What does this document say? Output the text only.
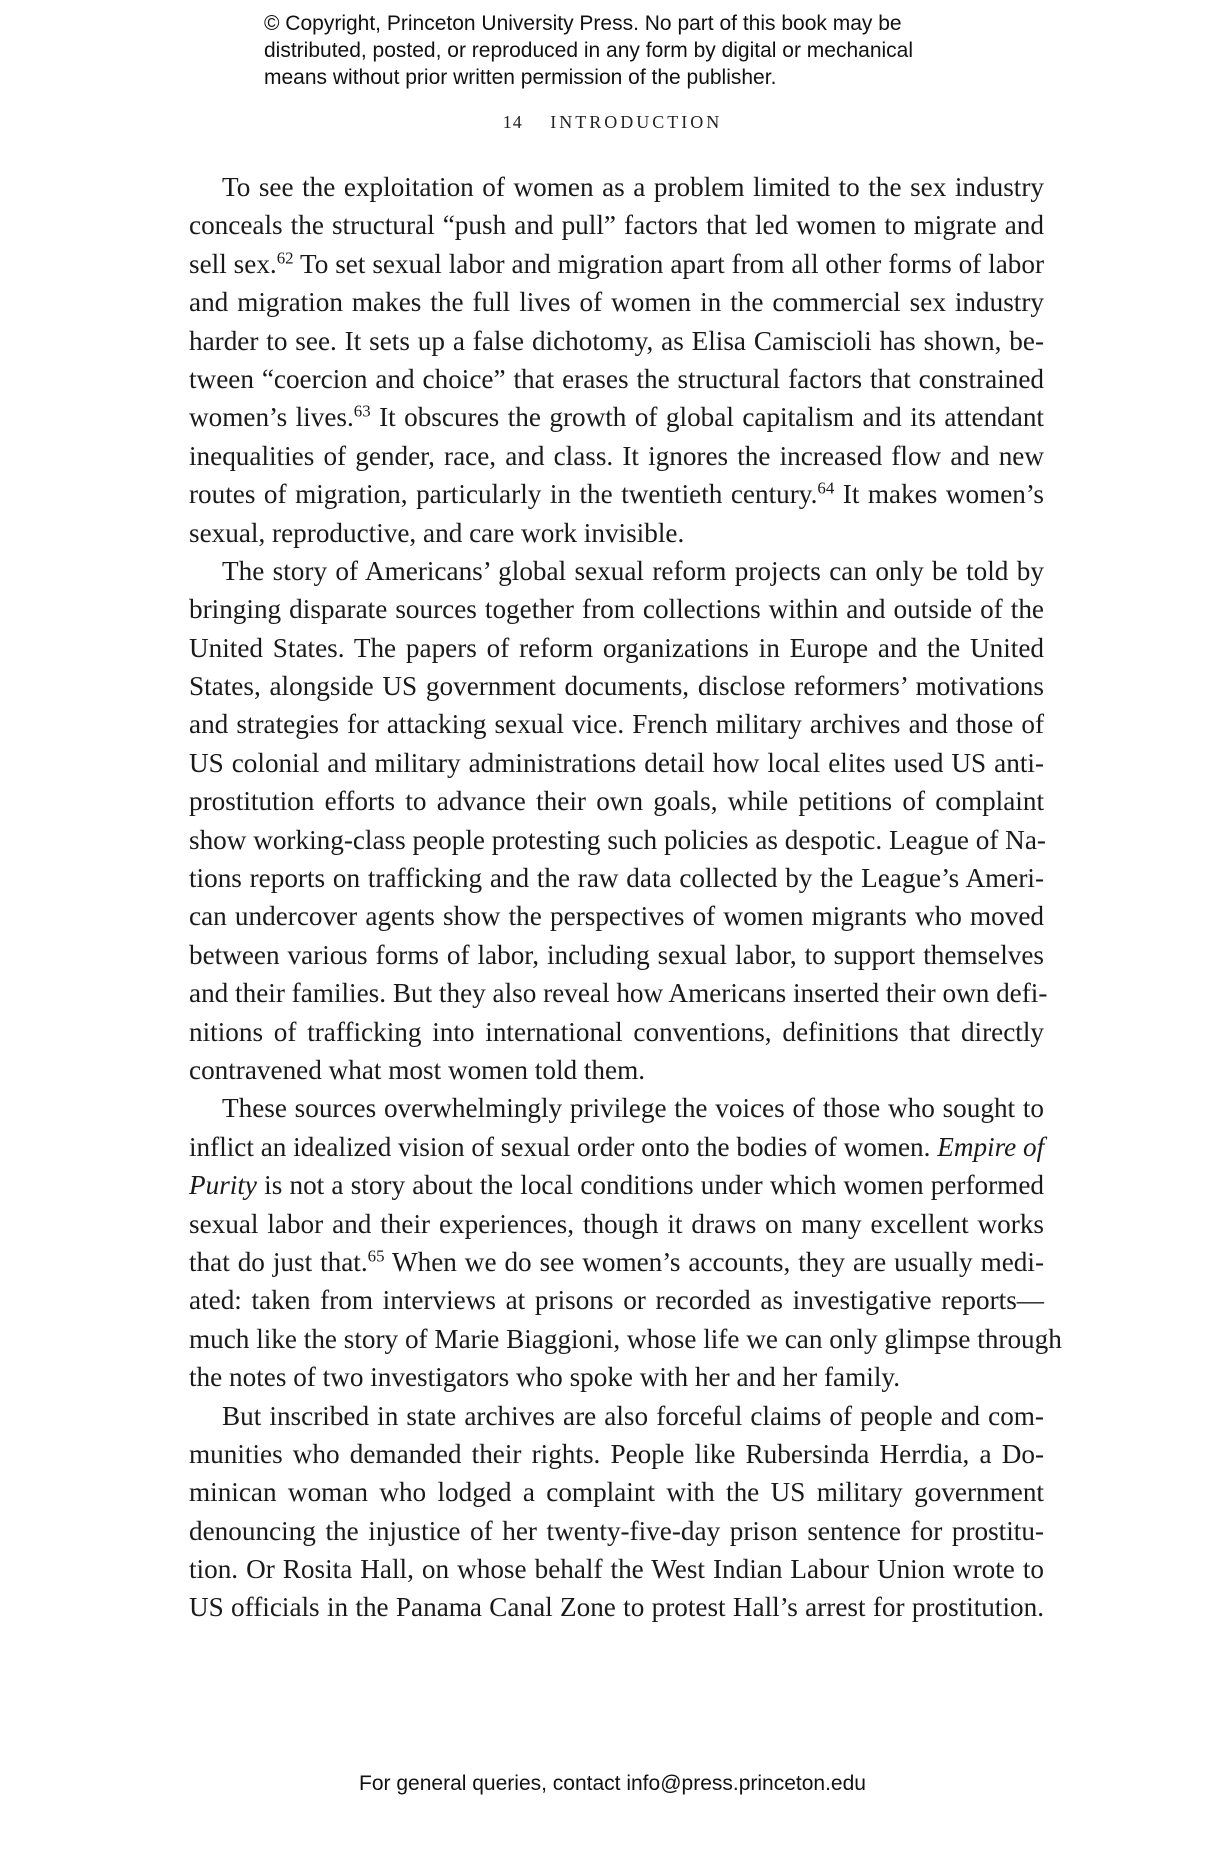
© Copyright, Princeton University Press. No part of this book may be
distributed, posted, or reproduced in any form by digital or mechanical
means without prior written permission of the publisher.
14 INTRODUCTION
To see the exploitation of women as a problem limited to the sex industry
conceals the structural “push and pull” factors that led women to migrate and
sell sex.$^{62}$ To set sexual labor and migration apart from all other forms of labor
and migration makes the full lives of women in the commercial sex industry
harder to see. It sets up a false dichotomy, as Elisa Camiscioli has shown, be-
tween “coercion and choice” that erases the structural factors that constrained
women’s lives.$^{63}$ It obscures the growth of global capitalism and its attendant
inequalities of gender, race, and class. It ignores the increased flow and new
routes of migration, particularly in the twentieth century.$^{64}$ It makes women’s
sexual, reproductive, and care work invisible.
The story of Americans’ global sexual reform projects can only be told by
bringing disparate sources together from collections within and outside of the
United States. The papers of reform organizations in Europe and the United
States, alongside US government documents, disclose reformers’ motivations
and strategies for attacking sexual vice. French military archives and those of
US colonial and military administrations detail how local elites used US anti-
prostitution efforts to advance their own goals, while petitions of complaint
show working-class people protesting such policies as despotic. League of Na-
tions reports on trafficking and the raw data collected by the League’s Ameri-
can undercover agents show the perspectives of women migrants who moved
between various forms of labor, including sexual labor, to support themselves
and their families. But they also reveal how Americans inserted their own defi-
nitions of trafficking into international conventions, definitions that directly
contravened what most women told them.
These sources overwhelmingly privilege the voices of those who sought to
inflict an idealized vision of sexual order onto the bodies of women. Empire of
Purity is not a story about the local conditions under which women performed
sexual labor and their experiences, though it draws on many excellent works
that do just that.$^{65}$ When we do see women’s accounts, they are usually medi-
ated: taken from interviews at prisons or recorded as investigative reports—
much like the story of Marie Biaggioni, whose life we can only glimpse through
the notes of two investigators who spoke with her and her family.
But inscribed in state archives are also forceful claims of people and com-
munities who demanded their rights. People like Rubersinda Herrdia, a Do-
minican woman who lodged a complaint with the US military government
denouncing the injustice of her twenty-five-day prison sentence for prostitu-
tion. Or Rosita Hall, on whose behalf the West Indian Labour Union wrote to
US officials in the Panama Canal Zone to protest Hall’s arrest for prostitution.
For general queries, contact info@press.princeton.edu
